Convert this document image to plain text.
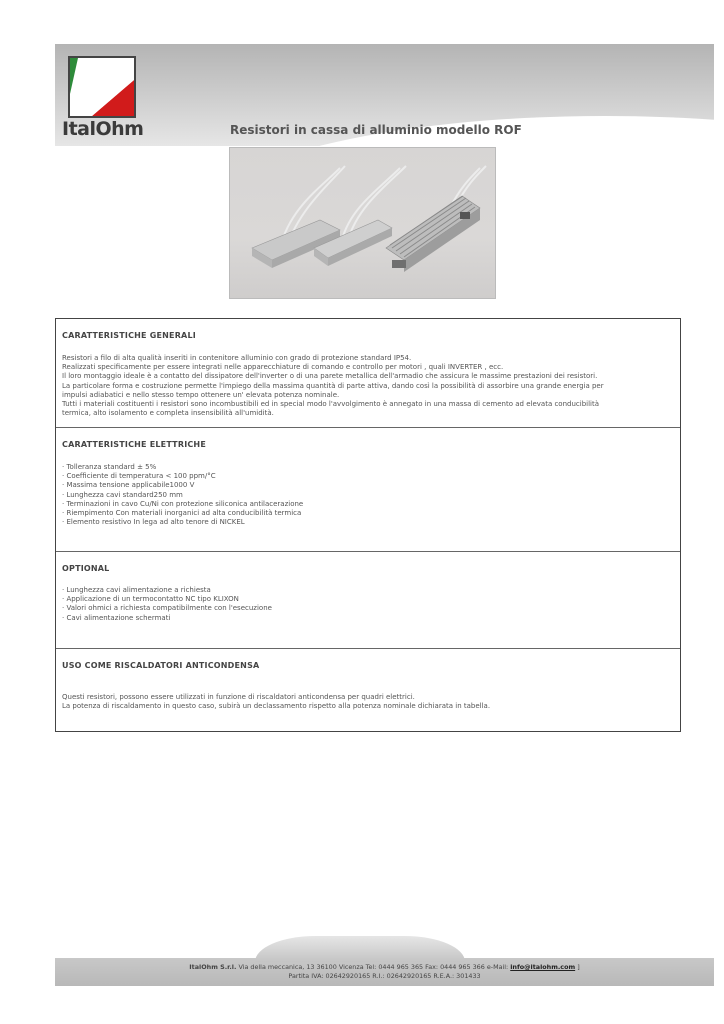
ItalOhm	Resistori in cassa di alluminio modello ROF
CARATTERISTICHE GENERALI
Resistori a filo di alta qualità inseriti in contenitore alluminio con grado di protezione standard IP54.
Realizzati specificamente per essere integrati nelle apparecchiature di comando e controllo per motori , quali INVERTER , ecc.
Il loro montaggio ideale è a contatto del dissipatore dell'inverter o di una parete metallica dell'armadio che assicura le massime prestazioni dei resistori.
La particolare forma e costruzione permette l'impiego della massima quantità di parte attiva, dando così la possibilità di assorbire una grande energia per
impulsi adiabatici e nello stesso tempo ottenere un' elevata potenza nominale.
Tutti i materiali costituenti i resistori sono incombustibili ed in special modo l'avvolgimento è annegato in una massa di cemento ad elevata conducibilità
termica, alto isolamento e completa insensibilità all'umidità.
CARATTERISTICHE ELETTRICHE
· Tolleranza standard ± 5%
· Coefficiente di temperatura < 100 ppm/°C
· Massima tensione applicabile1000 V
· Lunghezza cavi standard250 mm
· Terminazioni in cavo Cu/Ni con protezione siliconica antilacerazione
· Riempimento Con materiali inorganici ad alta conducibilità termica
· Elemento resistivo In lega ad alto tenore di NICKEL
OPTIONAL
· Lunghezza cavi alimentazione a richiesta
· Applicazione di un termocontatto NC tipo KLIXON
· Valori ohmici a richiesta compatibilmente con l'esecuzione
· Cavi alimentazione schermati
USO COME RISCALDATORI ANTICONDENSA
Questi resistori, possono essere utilizzati in funzione di riscaldatori anticondensa per quadri elettrici.
La potenza di riscaldamento in questo caso, subirà un declassamento rispetto alla potenza nominale dichiarata in tabella.
ItalOhm S.r.l. Via della meccanica, 13 36100 Vicenza Tel: 0444 965 365 Fax: 0444 965 366 e-Mail: info@italohm.com ]
Partita IVA: 02642920165 R.I.: 02642920165 R.E.A.: 301433
